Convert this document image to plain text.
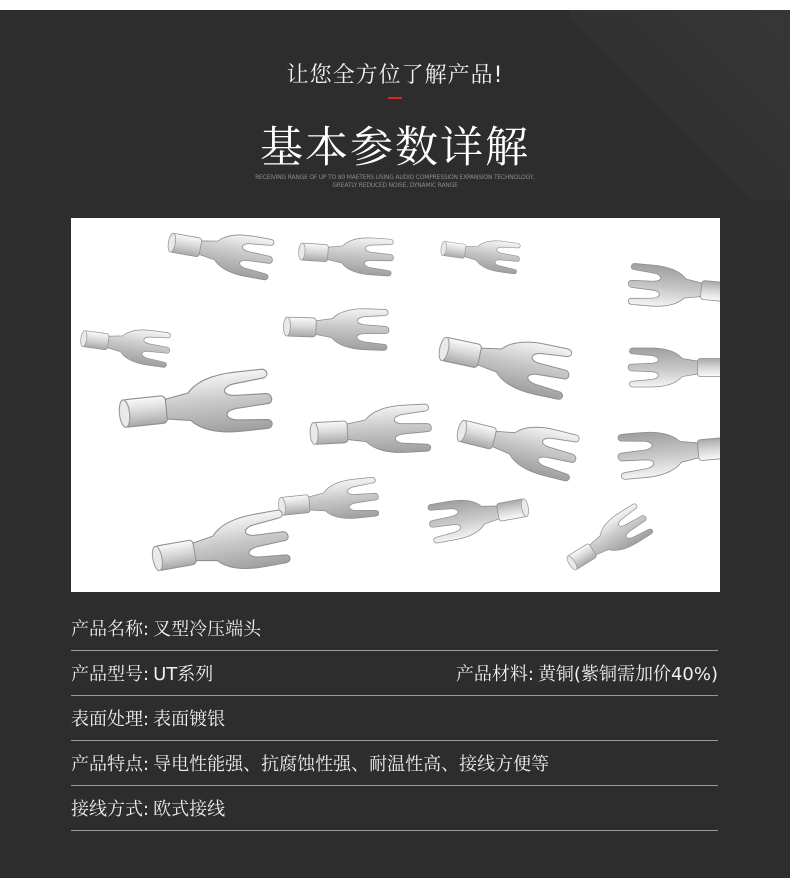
让您全方位了解产品!
基本参数详解
RECEIVING RANGE OF UP TO 80 MAETERS USING AUDIO COMPRESSION EXPANSION TECHNOLOGY,
GREATLY REDUCED NOISE, DYNAMIC RANGE
产品名称: 叉型冷压端头
产品型号: UT系列	产品材料: 黄铜(紫铜需加价40%)
表面处理: 表面镀银
产品特点: 导电性能强、抗腐蚀性强、耐温性高、接线方便等
接线方式: 欧式接线
